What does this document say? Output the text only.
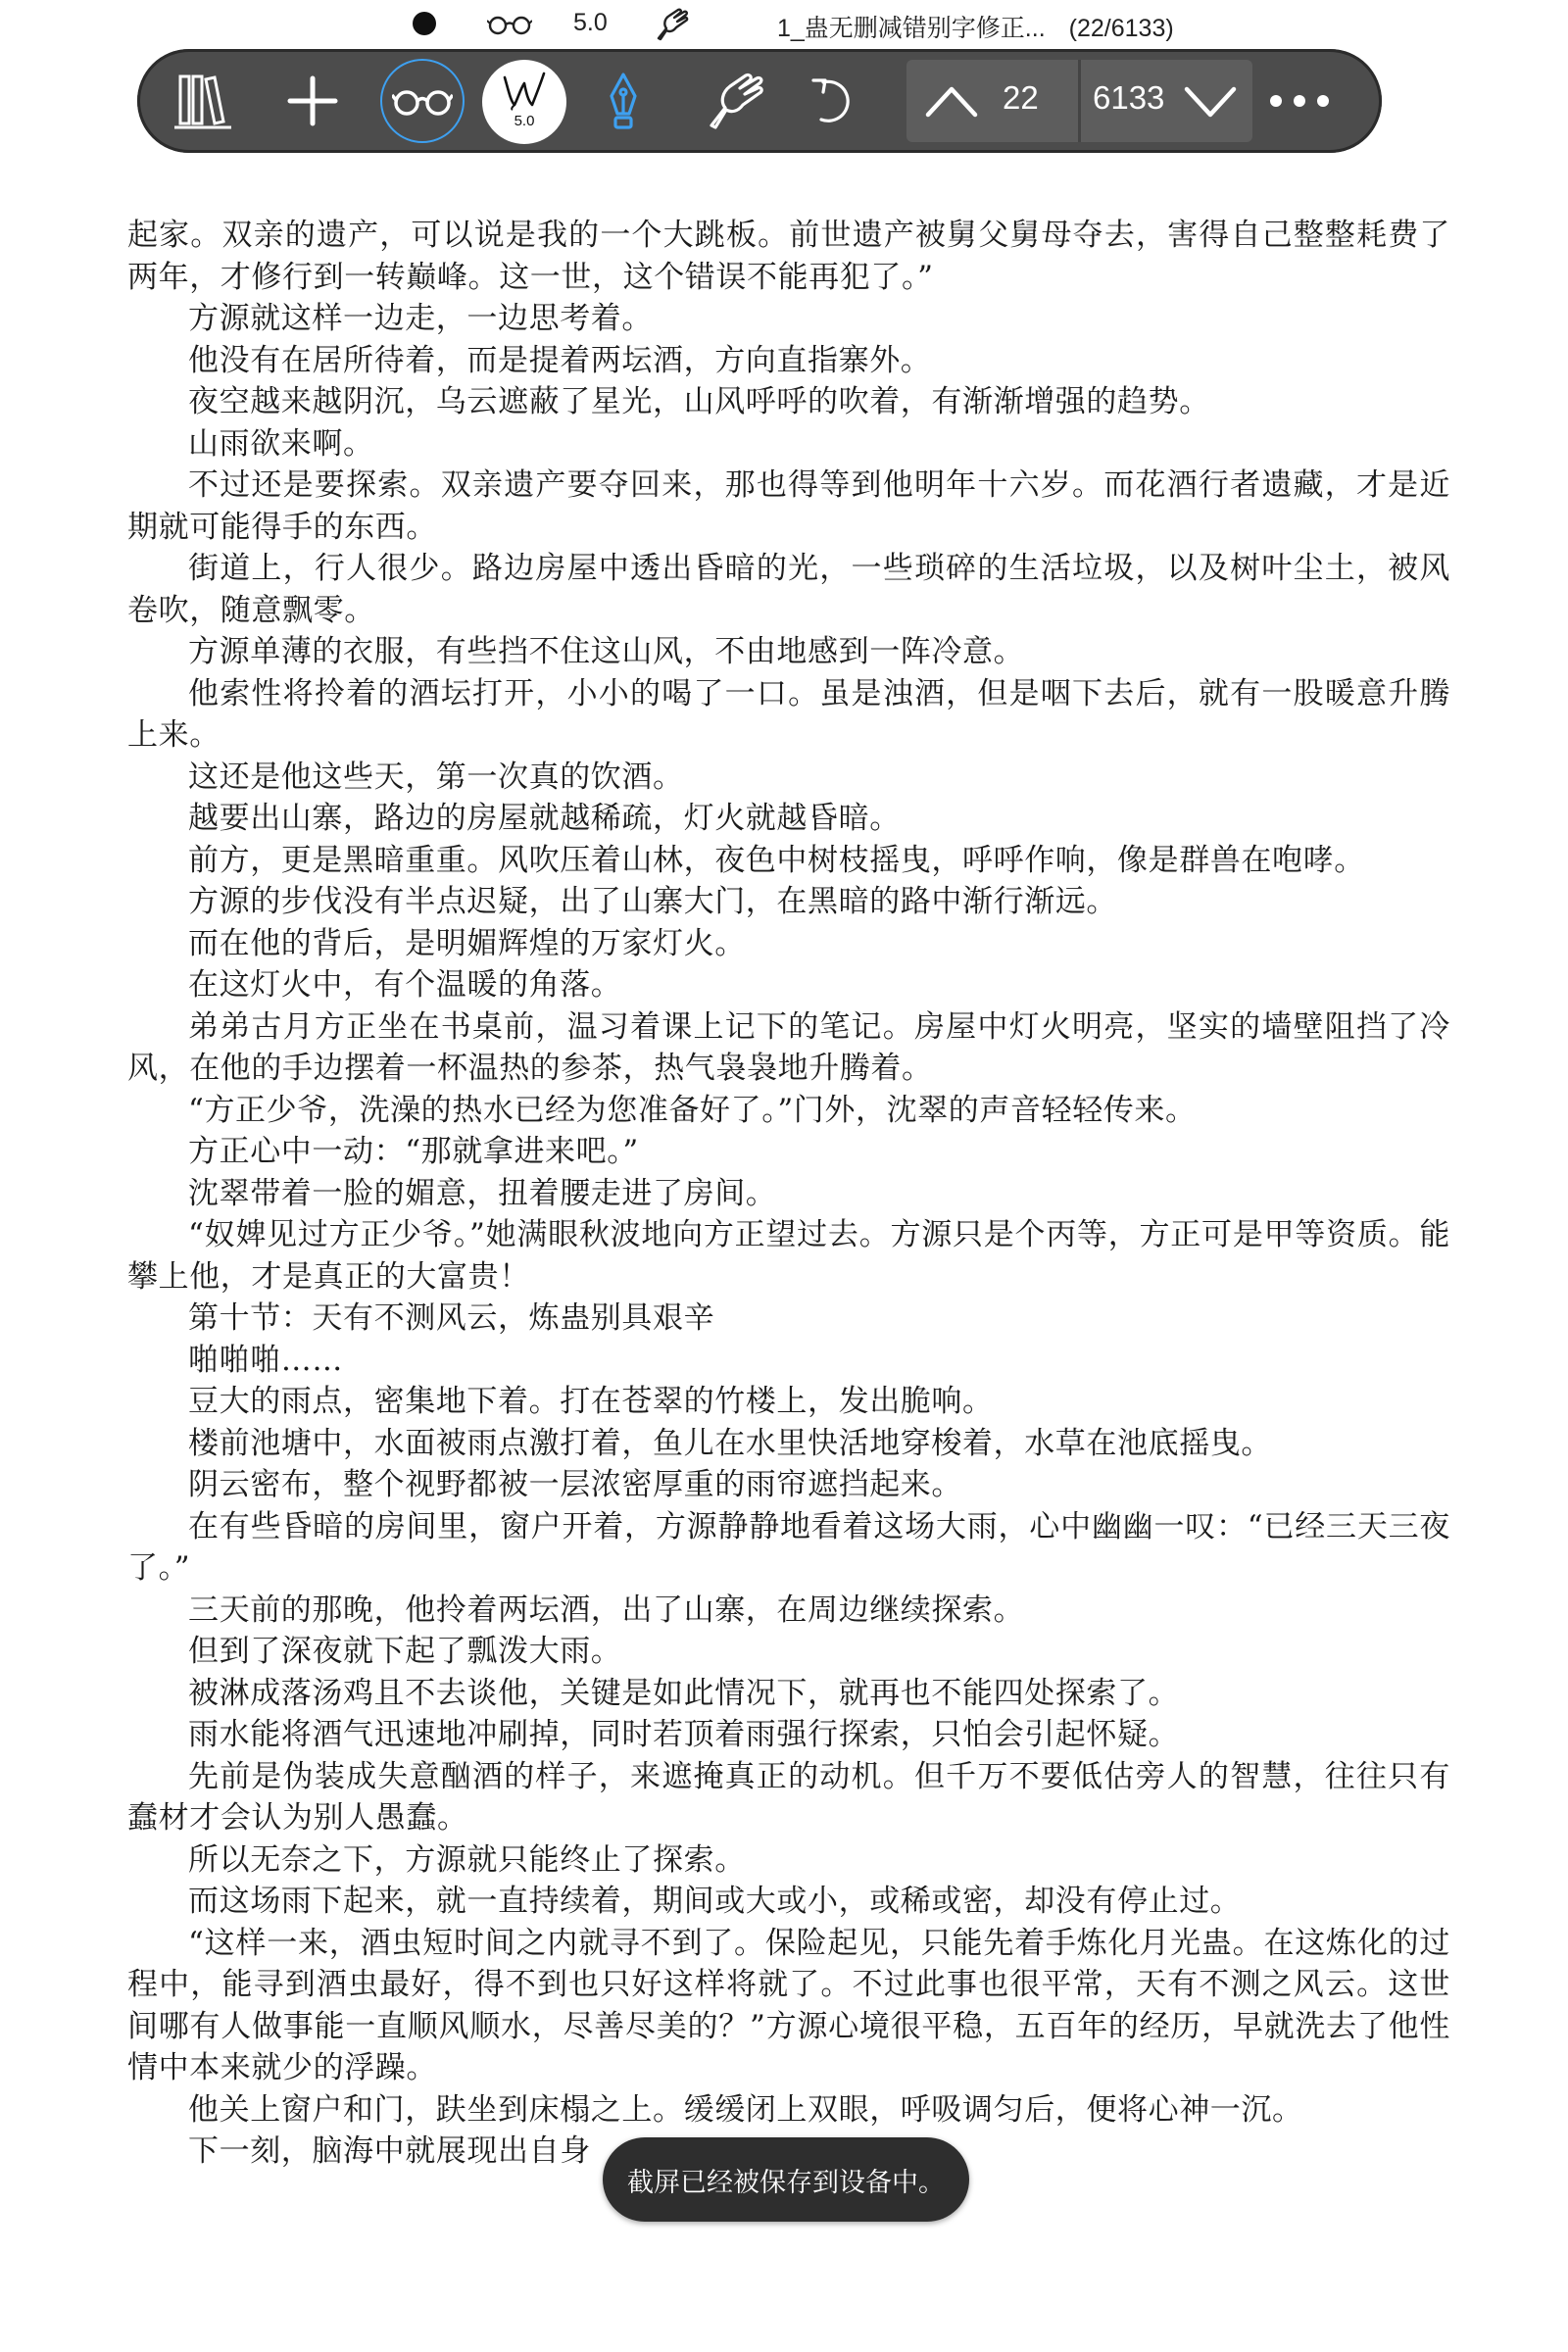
5.0	1_蛊无删减错别字修正... (22/6133)
5.0
22 6133

起家。双亲的遗产，可以说是我的一个大跳板。前世遗产被舅父舅母夺去，害得自己整整耗费了两年，才修行到一转巅峰。这一世，这个错误不能再犯了。”

方源就这样一边走，一边思考着。

他没有在居所待着，而是提着两坛酒，方向直指寨外。

夜空越来越阴沉，乌云遮蔽了星光，山风呼呼的吹着，有渐渐增强的趋势。

山雨欲来啊。

不过还是要探索。双亲遗产要夺回来，那也得等到他明年十六岁。而花酒行者遗藏，才是近期就可能得手的东西。

街道上，行人很少。路边房屋中透出昏暗的光，一些琐碎的生活垃圾，以及树叶尘土，被风卷吹，随意飘零。

方源单薄的衣服，有些挡不住这山风，不由地感到一阵冷意。

他索性将拎着的酒坛打开，小小的喝了一口。虽是浊酒，但是咽下去后，就有一股暖意升腾上来。

这还是他这些天，第一次真的饮酒。

越要出山寨，路边的房屋就越稀疏，灯火就越昏暗。

前方，更是黑暗重重。风吹压着山林，夜色中树枝摇曳，呼呼作响，像是群兽在咆哮。

方源的步伐没有半点迟疑，出了山寨大门，在黑暗的路中渐行渐远。

而在他的背后，是明媚辉煌的万家灯火。

在这灯火中，有个温暖的角落。

弟弟古月方正坐在书桌前，温习着课上记下的笔记。房屋中灯火明亮，坚实的墙壁阻挡了冷风，在他的手边摆着一杯温热的参茶，热气袅袅地升腾着。

“方正少爷，洗澡的热水已经为您准备好了。”门外，沈翠的声音轻轻传来。

方正心中一动：“那就拿进来吧。”

沈翠带着一脸的媚意，扭着腰走进了房间。

“奴婢见过方正少爷。”她满眼秋波地向方正望过去。方源只是个丙等，方正可是甲等资质。能攀上他，才是真正的大富贵！

第十节：天有不测风云，炼蛊别具艰辛

啪啪啪……

豆大的雨点，密集地下着。打在苍翠的竹楼上，发出脆响。

楼前池塘中，水面被雨点激打着，鱼儿在水里快活地穿梭着，水草在池底摇曳。

阴云密布，整个视野都被一层浓密厚重的雨帘遮挡起来。

在有些昏暗的房间里，窗户开着，方源静静地看着这场大雨，心中幽幽一叹：“已经三天三夜了。”

三天前的那晚，他拎着两坛酒，出了山寨，在周边继续探索。

但到了深夜就下起了瓢泼大雨。

被淋成落汤鸡且不去谈他，关键是如此情况下，就再也不能四处探索了。

雨水能将酒气迅速地冲刷掉，同时若顶着雨强行探索，只怕会引起怀疑。

先前是伪装成失意酗酒的样子，来遮掩真正的动机。但千万不要低估旁人的智慧，往往只有蠢材才会认为别人愚蠢。

所以无奈之下，方源就只能终止了探索。

而这场雨下起来，就一直持续着，期间或大或小，或稀或密，却没有停止过。

“这样一来，酒虫短时间之内就寻不到了。保险起见，只能先着手炼化月光蛊。在这炼化的过程中，能寻到酒虫最好，得不到也只好这样将就了。不过此事也很平常，天有不测之风云。这世间哪有人做事能一直顺风顺水，尽善尽美的？”方源心境很平稳，五百年的经历，早就洗去了他性情中本来就少的浮躁。

他关上窗户和门，趺坐到床榻之上。缓缓闭上双眼，呼吸调匀后，便将心神一沉。

下一刻，脑海中就展现出自身

截屏已经被保存到设备中。
